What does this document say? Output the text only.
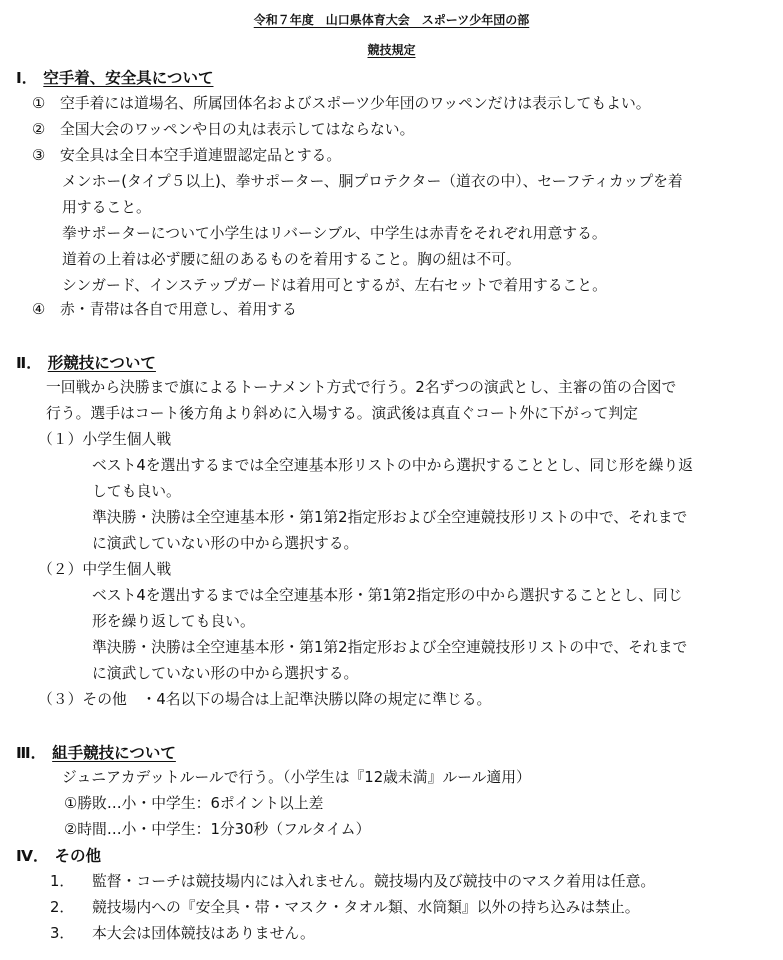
令和７年度　山口県体育大会　スポーツ少年団の部
競技規定
Ⅰ． 空手着、安全具について
① 空手着には道場名、所属団体名およびスポーツ少年団のワッペンだけは表示してもよい。
② 全国大会のワッペンや日の丸は表示してはならない。
③ 安全具は全日本空手道連盟認定品とする。
メンホー(タイプ５以上)、拳サポーター、胴プロテクター（道衣の中）、セーフティカップを着
用すること。
拳サポーターについて小学生はリバーシブル、中学生は赤青をそれぞれ用意する。
道着の上着は必ず腰に紐のあるものを着用すること。胸の紐は不可。
シンガード、インステップガードは着用可とするが、左右セットで着用すること。
④ 赤・青帯は各自で用意し、着用する
Ⅱ． 形競技について
一回戦から決勝まで旗によるトーナメント方式で行う。2名ずつの演武とし、主審の笛の合図で
行う。選手はコート後方角より斜めに入場する。演武後は真直ぐコート外に下がって判定
（１）小学生個人戦
ベスト4を選出するまでは全空連基本形リストの中から選択することとし、同じ形を繰り返
しても良い。
準決勝・決勝は全空連基本形・第1第2指定形および全空連競技形リストの中で、それまで
に演武していない形の中から選択する。
（２）中学生個人戦
ベスト4を選出するまでは全空連基本形・第1第2指定形の中から選択することとし、同じ
形を繰り返しても良い。
準決勝・決勝は全空連基本形・第1第2指定形および全空連競技形リストの中で、それまで
に演武していない形の中から選択する。
（３）その他　・4名以下の場合は上記準決勝以降の規定に準じる。
Ⅲ． 組手競技について
ジュニアカデットルールで行う。（小学生は『12歳未満』ルール適用）
①勝敗…小・中学生：6ポイント以上差
②時間…小・中学生：1分30秒（フルタイム）
Ⅳ． その他
1． 監督・コーチは競技場内には入れません。競技場内及び競技中のマスク着用は任意。
2． 競技場内への『安全具・帯・マスク・タオル類、水筒類』以外の持ち込みは禁止。
3． 本大会は団体競技はありません。
